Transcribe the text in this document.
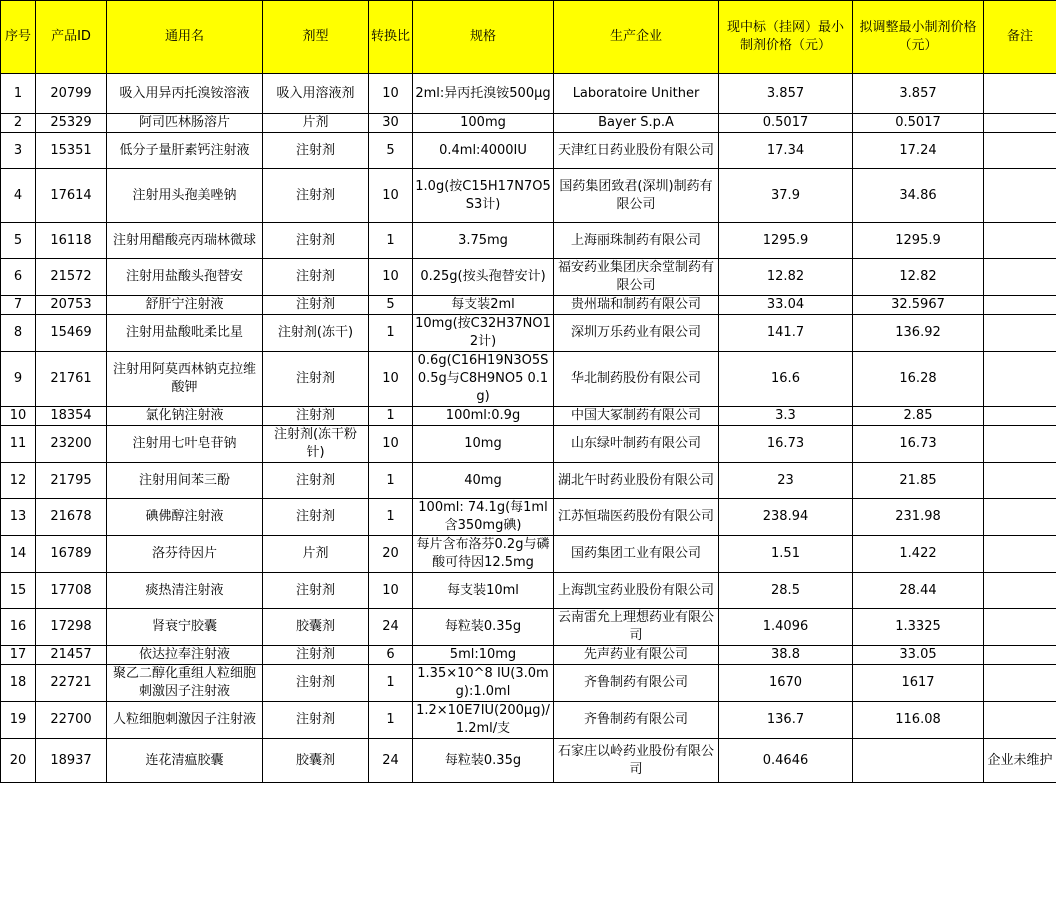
序号	产品ID	通用名	剂型	转换比	规格	生产企业	现中标（挂网）最小制剂价格（元）	拟调整最小制剂价格（元）	备注
1	20799	吸入用异丙托溴铵溶液	吸入用溶液剂	10	2ml:异丙托溴铵500μg	Laboratoire Unither	3.857	3.857	
2	25329	阿司匹林肠溶片	片剂	30	100mg	Bayer S.p.A	0.5017	0.5017	
3	15351	低分子量肝素钙注射液	注射剂	5	0.4ml:4000IU	天津红日药业股份有限公司	17.34	17.24	
4	17614	注射用头孢美唑钠	注射剂	10	1.0g(按C15H17N7O5S3计)	国药集团致君(深圳)制药有限公司	37.9	34.86	
5	16118	注射用醋酸亮丙瑞林微球	注射剂	1	3.75mg	上海丽珠制药有限公司	1295.9	1295.9	
6	21572	注射用盐酸头孢替安	注射剂	10	0.25g(按头孢替安计)	福安药业集团庆余堂制药有限公司	12.82	12.82	
7	20753	舒肝宁注射液	注射剂	5	每支装2ml	贵州瑞和制药有限公司	33.04	32.5967	
8	15469	注射用盐酸吡柔比星	注射剂(冻干)	1	10mg(按C32H37NO12计)	深圳万乐药业有限公司	141.7	136.92	
9	21761	注射用阿莫西林钠克拉维酸钾	注射剂	10	0.6g(C16H19N3O5S 0.5g与C8H9NO5 0.1g)	华北制药股份有限公司	16.6	16.28	
10	18354	氯化钠注射液	注射剂	1	100ml:0.9g	中国大冢制药有限公司	3.3	2.85	
11	23200	注射用七叶皂苷钠	注射剂(冻干粉针)	10	10mg	山东绿叶制药有限公司	16.73	16.73	
12	21795	注射用间苯三酚	注射剂	1	40mg	湖北午时药业股份有限公司	23	21.85	
13	21678	碘佛醇注射液	注射剂	1	100ml: 74.1g(每1ml含350mg碘)	江苏恒瑞医药股份有限公司	238.94	231.98	
14	16789	洛芬待因片	片剂	20	每片含布洛芬0.2g与磷酸可待因12.5mg	国药集团工业有限公司	1.51	1.422	
15	17708	痰热清注射液	注射剂	10	每支装10ml	上海凯宝药业股份有限公司	28.5	28.44	
16	17298	肾衰宁胶囊	胶囊剂	24	每粒装0.35g	云南雷允上理想药业有限公司	1.4096	1.3325	
17	21457	依达拉奉注射液	注射剂	6	5ml:10mg	先声药业有限公司	38.8	33.05	
18	22721	聚乙二醇化重组人粒细胞刺激因子注射液	注射剂	1	1.35×10^8 IU(3.0mg):1.0ml	齐鲁制药有限公司	1670	1617	
19	22700	人粒细胞刺激因子注射液	注射剂	1	1.2×10E7IU(200μg)/1.2ml/支	齐鲁制药有限公司	136.7	116.08	
20	18937	连花清瘟胶囊	胶囊剂	24	每粒装0.35g	石家庄以岭药业股份有限公司	0.4646		企业未维护
